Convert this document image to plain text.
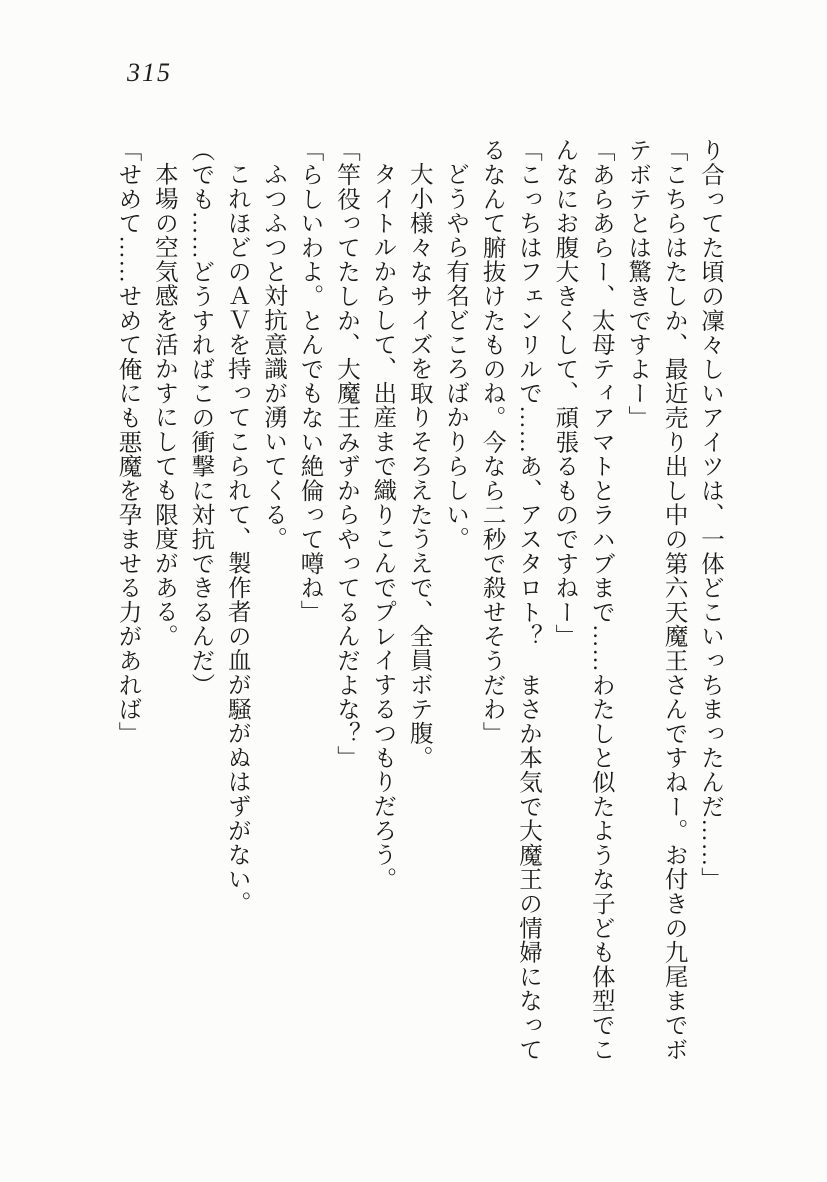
315

り合ってた頃の凜々しいアイツは、一体どこいっちまったんだ……」

「こちらはたしか、最近売り出し中の第六天魔王さんですねー。お付きの九尾までボテボテとは驚きですよー」

「あらあらー、太母ティアマトとラハブまで……わたしと似たような子ども体型でこんなにお腹大きくして、頑張るものですねー」

「こっちはフェンリルで……あ、アスタロト？　まさか本気で大魔王の情婦になってるなんて腑抜けたものね。今なら二秒で殺せそうだわ」

どうやら有名どころばかりらしい。

大小様々なサイズを取りそろえたうえで、全員ボテ腹。

タイトルからして、出産まで織りこんでプレイするつもりだろう。

「竿役ってたしか、大魔王みずからやってるんだよな？」

「らしいわよ。とんでもない絶倫って噂ね」

ふつふつと対抗意識が湧いてくる。

これほどのＡＶを持ってこられて、製作者の血が騒がぬはずがない。

（でも……どうすればこの衝撃に対抗できるんだ）

本場の空気感を活かすにしても限度がある。

「せめて……せめて俺にも悪魔を孕ませる力があれば」
